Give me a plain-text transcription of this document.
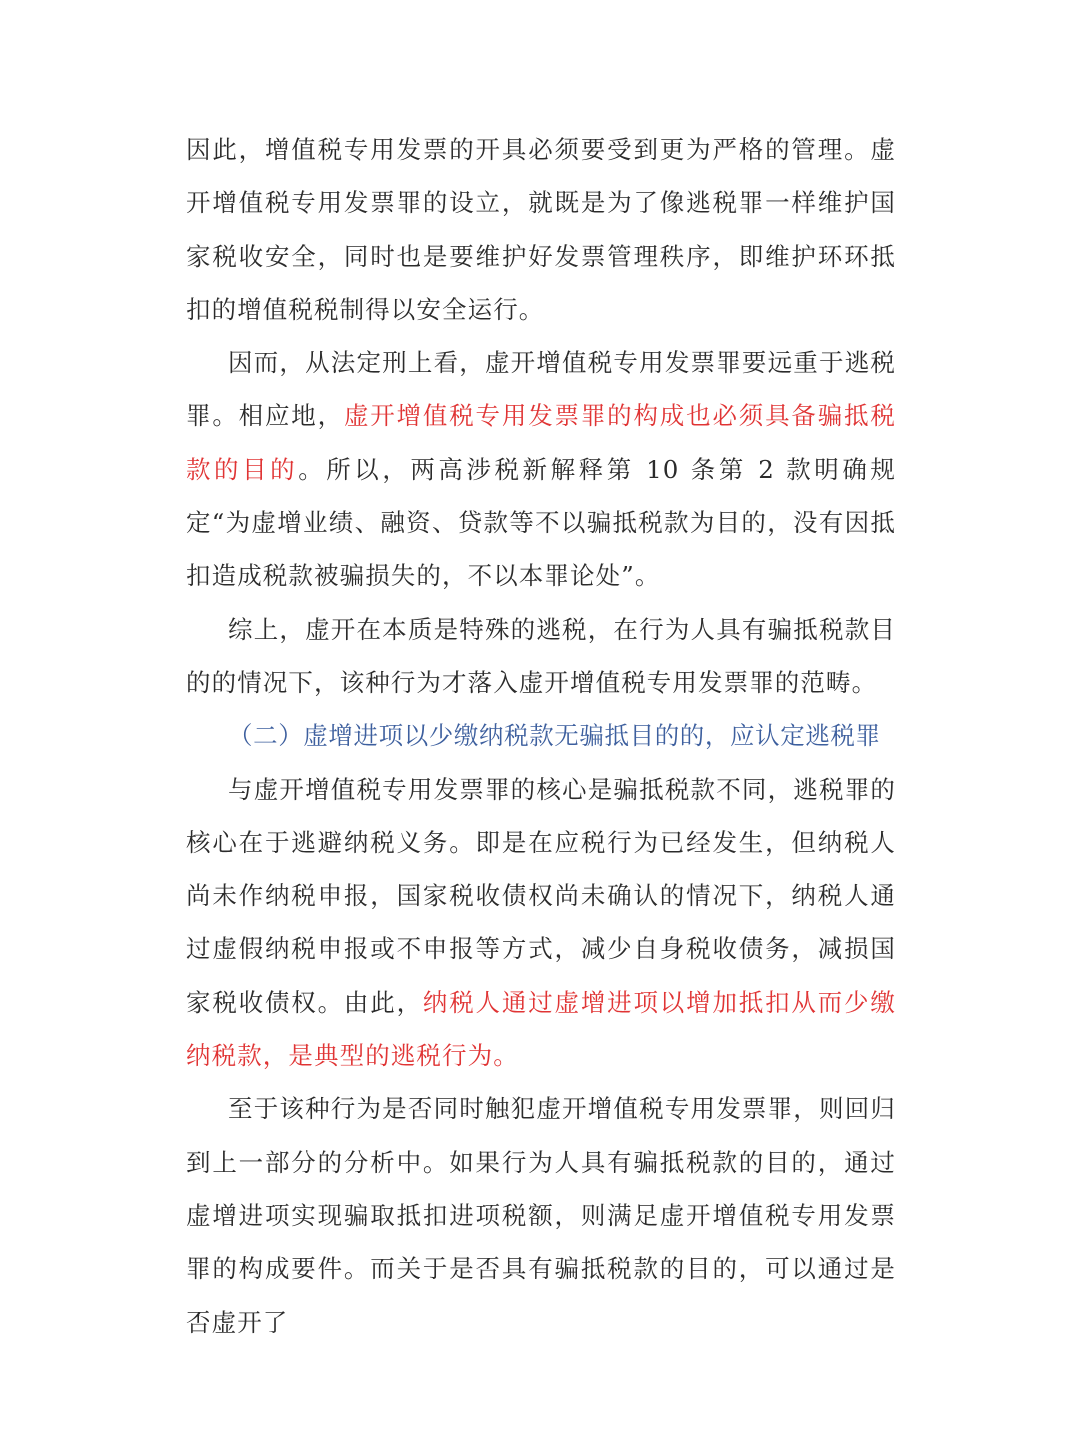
因此，增值税专用发票的开具必须要受到更为严格的管理。虚开增值税专用发票罪的设立，就既是为了像逃税罪一样维护国家税收安全，同时也是要维护好发票管理秩序，即维护环环抵扣的增值税税制得以安全运行。

因而，从法定刑上看，虚开增值税专用发票罪要远重于逃税罪。相应地，虚开增值税专用发票罪的构成也必须具备骗抵税款的目的。所以，两高涉税新解释第 10 条第 2 款明确规定“为虚增业绩、融资、贷款等不以骗抵税款为目的，没有因抵扣造成税款被骗损失的，不以本罪论处”。

综上，虚开在本质是特殊的逃税，在行为人具有骗抵税款目的的情况下，该种行为才落入虚开增值税专用发票罪的范畴。

（二）虚增进项以少缴纳税款无骗抵目的的，应认定逃税罪

与虚开增值税专用发票罪的核心是骗抵税款不同，逃税罪的核心在于逃避纳税义务。即是在应税行为已经发生，但纳税人尚未作纳税申报，国家税收债权尚未确认的情况下，纳税人通过虚假纳税申报或不申报等方式，减少自身税收债务，减损国家税收债权。由此，纳税人通过虚增进项以增加抵扣从而少缴纳税款，是典型的逃税行为。

至于该种行为是否同时触犯虚开增值税专用发票罪，则回归到上一部分的分析中。如果行为人具有骗抵税款的目的，通过虚增进项实现骗取抵扣进项税额，则满足虚开增值税专用发票罪的构成要件。而关于是否具有骗抵税款的目的，可以通过是否虚开了
